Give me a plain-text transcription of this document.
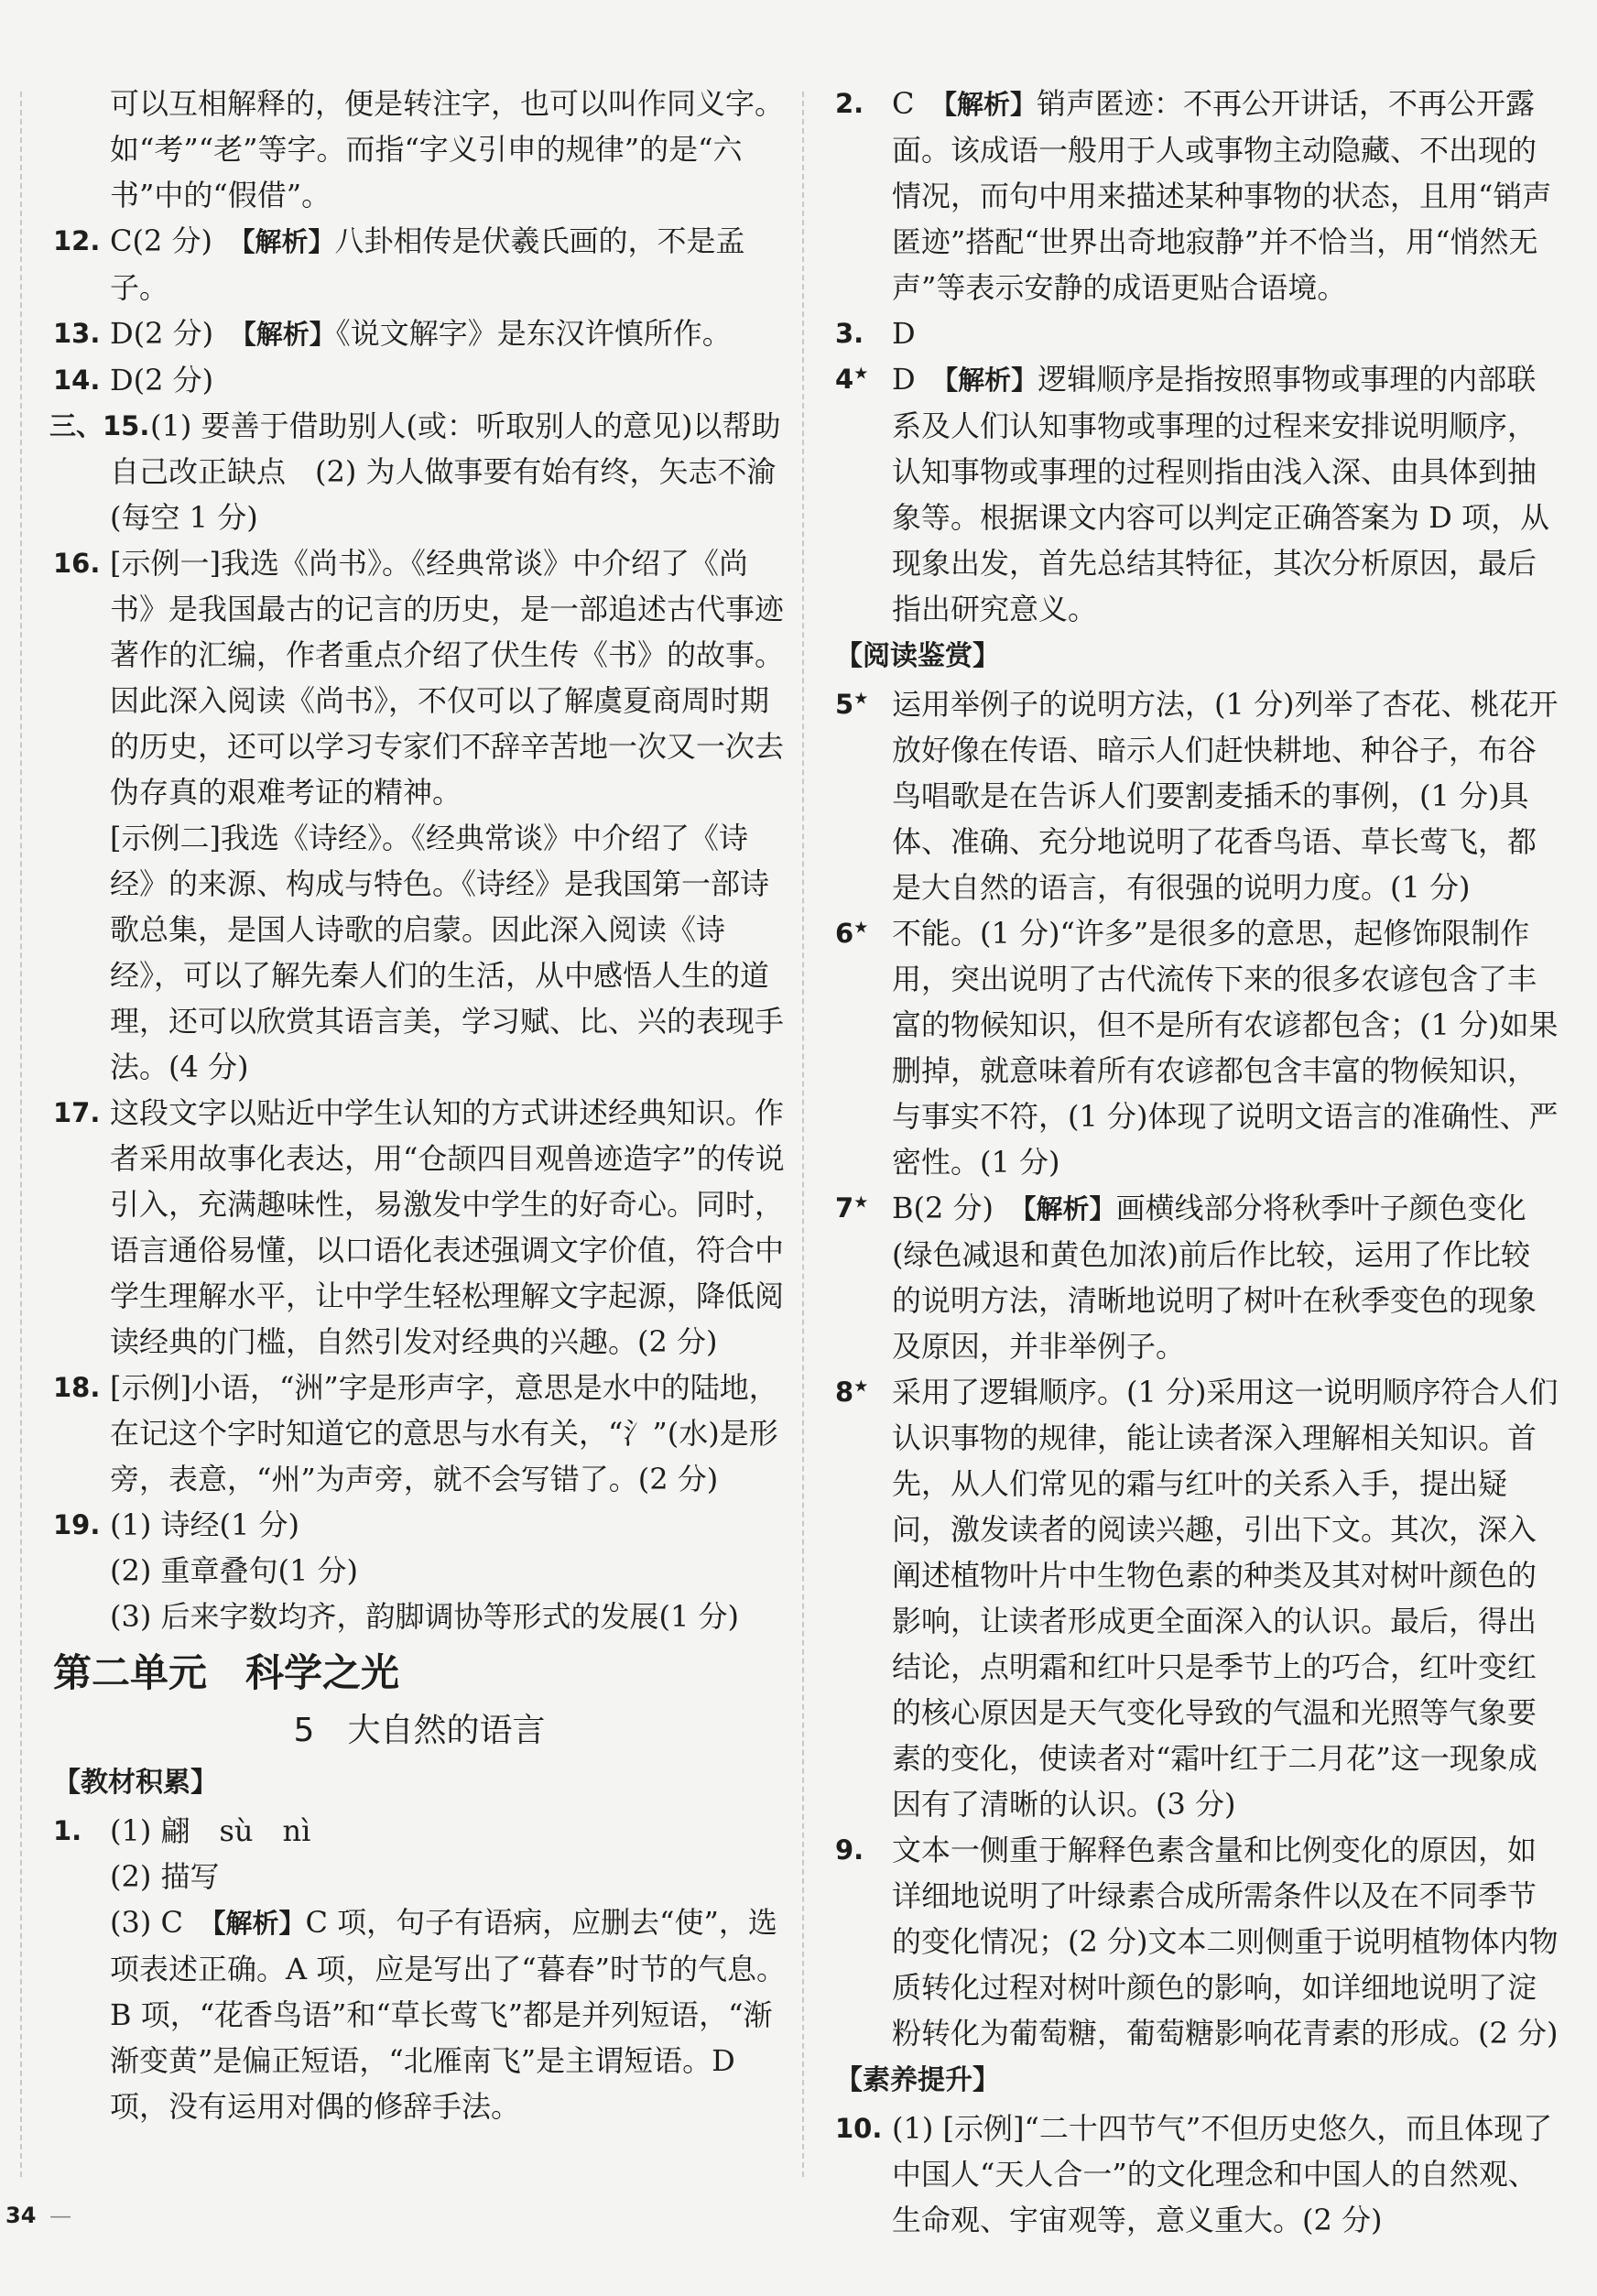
可以互相解释的，便是转注字，也可以叫作同义字。如“考”“老”等字。而指“字义引申的规律”的是“六书”中的“假借”。

12. C(2 分)　 【解析】八卦相传是伏羲氏画的，不是孟子。

13. D(2 分)　 【解析】《说文解字》是东汉许慎所作。

14. D(2 分)

三、15. (1) 要善于借助别人(或：听取别人的意见)以帮助自己改正缺点　(2) 为人做事要有始有终，矢志不渝(每空 1 分)

16. [示例一]我选《尚书》。《经典常谈》中介绍了《尚书》是我国最古的记言的历史，是一部追述古代事迹著作的汇编，作者重点介绍了伏生传《书》的故事。因此深入阅读《尚书》，不仅可以了解虞夏商周时期的历史，还可以学习专家们不辞辛苦地一次又一次去伪存真的艰难考证的精神。
[示例二]我选《诗经》。《经典常谈》中介绍了《诗经》的来源、构成与特色。《诗经》是我国第一部诗歌总集，是国人诗歌的启蒙。因此深入阅读《诗经》，可以了解先秦人们的生活，从中感悟人生的道理，还可以欣赏其语言美，学习赋、比、兴的表现手法。(4 分)

17. 这段文字以贴近中学生认知的方式讲述经典知识。作者采用故事化表达，用“仓颉四目观兽迹造字”的传说引入，充满趣味性，易激发中学生的好奇心。同时，语言通俗易懂，以口语化表述强调文字价值，符合中学生理解水平，让中学生轻松理解文字起源，降低阅读经典的门槛，自然引发对经典的兴趣。(2 分)

18. [示例]小语，“洲”字是形声字，意思是水中的陆地，在记这个字时知道它的意思与水有关，“氵”(水)是形旁，表意，“州”为声旁，就不会写错了。(2 分)

19. (1) 诗经(1 分)
(2) 重章叠句(1 分)
(3) 后来字数均齐，韵脚调协等形式的发展(1 分)
第二单元　科学之光
5　大自然的语言
【教材积累】
1. (1) 翩　sù　nì
(2) 描写
(3) C　 【解析】C 项，句子有语病，应删去“使”，选项表述正确。A 项，应是写出了“暮春”时节的气息。B 项，“花香鸟语”和“草长莺飞”都是并列短语，“渐渐变黄”是偏正短语，“北雁南飞”是主谓短语。D 项，没有运用对偶的修辞手法。

2. C　 【解析】销声匿迹：不再公开讲话，不再公开露面。该成语一般用于人或事物主动隐藏、不出现的情况，而句中用来描述某种事物的状态，且用“销声匿迹”搭配“世界出奇地寂静”并不恰当，用“悄然无声”等表示安静的成语更贴合语境。

3. D

4★ D　 【解析】逻辑顺序是指按照事物或事理的内部联系及人们认知事物或事理的过程来安排说明顺序，认知事物或事理的过程则指由浅入深、由具体到抽象等。根据课文内容可以判定正确答案为 D 项，从现象出发，首先总结其特征，其次分析原因，最后指出研究意义。

【阅读鉴赏】

5★ 运用举例子的说明方法，(1 分)列举了杏花、桃花开放好像在传语、暗示人们赶快耕地、种谷子，布谷鸟唱歌是在告诉人们要割麦插禾的事例，(1 分)具体、准确、充分地说明了花香鸟语、草长莺飞，都是大自然的语言，有很强的说明力度。(1 分)

6★ 不能。(1 分)“许多”是很多的意思，起修饰限制作用，突出说明了古代流传下来的很多农谚包含了丰富的物候知识，但不是所有农谚都包含；(1 分)如果删掉，就意味着所有农谚都包含丰富的物候知识，与事实不符，(1 分)体现了说明文语言的准确性、严密性。(1 分)

7★ B(2 分)　 【解析】画横线部分将秋季叶子颜色变化(绿色减退和黄色加浓)前后作比较，运用了作比较的说明方法，清晰地说明了树叶在秋季变色的现象及原因，并非举例子。

8★ 采用了逻辑顺序。(1 分)采用这一说明顺序符合人们认识事物的规律，能让读者深入理解相关知识。首先，从人们常见的霜与红叶的关系入手，提出疑问，激发读者的阅读兴趣，引出下文。其次，深入阐述植物叶片中生物色素的种类及其对树叶颜色的影响，让读者形成更全面深入的认识。最后，得出结论，点明霜和红叶只是季节上的巧合，红叶变红的核心原因是天气变化导致的气温和光照等气象要素的变化，使读者对“霜叶红于二月花”这一现象成因有了清晰的认识。(3 分)

9. 文本一侧重于解释色素含量和比例变化的原因，如详细地说明了叶绿素合成所需条件以及在不同季节的变化情况；(2 分)文本二则侧重于说明植物体内物质转化过程对树叶颜色的影响，如详细地说明了淀粉转化为葡萄糖，葡萄糖影响花青素的形成。(2 分)

【素养提升】

10. (1) [示例]“二十四节气”不但历史悠久，而且体现了中国人“天人合一”的文化理念和中国人的自然观、生命观、宇宙观等，意义重大。(2 分)

34 —
